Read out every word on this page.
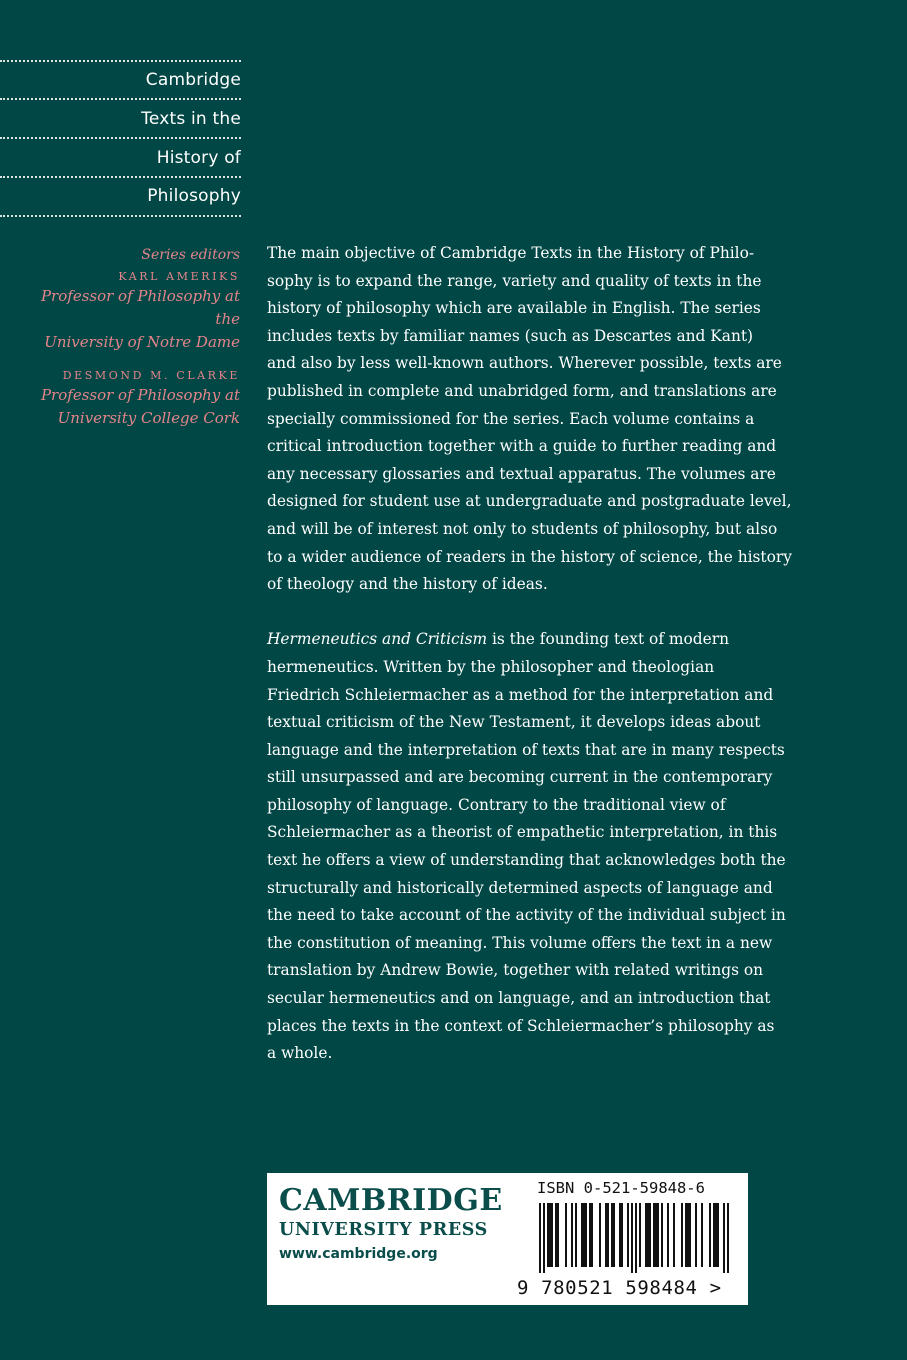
Cambridge
Texts in the
History of
Philosophy
Series editors
KARL AMERIKS
Professor of Philosophy at the
University of Notre Dame
DESMOND M. CLARKE
Professor of Philosophy at
University College Cork
The main objective of Cambridge Texts in the History of Philo-
sophy is to expand the range, variety and quality of texts in the
history of philosophy which are available in English. The series
includes texts by familiar names (such as Descartes and Kant)
and also by less well-known authors. Wherever possible, texts are
published in complete and unabridged form, and translations are
specially commissioned for the series. Each volume contains a
critical introduction together with a guide to further reading and
any necessary glossaries and textual apparatus. The volumes are
designed for student use at undergraduate and postgraduate level,
and will be of interest not only to students of philosophy, but also
to a wider audience of readers in the history of science, the history
of theology and the history of ideas.
Hermeneutics and Criticism is the founding text of modern
hermeneutics. Written by the philosopher and theologian
Friedrich Schleiermacher as a method for the interpretation and
textual criticism of the New Testament, it develops ideas about
language and the interpretation of texts that are in many respects
still unsurpassed and are becoming current in the contemporary
philosophy of language. Contrary to the traditional view of
Schleiermacher as a theorist of empathetic interpretation, in this
text he offers a view of understanding that acknowledges both the
structurally and historically determined aspects of language and
the need to take account of the activity of the individual subject in
the constitution of meaning. This volume offers the text in a new
translation by Andrew Bowie, together with related writings on
secular hermeneutics and on language, and an introduction that
places the texts in the context of Schleiermacher’s philosophy as
a whole.
CAMBRIDGE
UNIVERSITY PRESS
www.cambridge.org
ISBN 0-521-59848-6
9 780521 598484 >
